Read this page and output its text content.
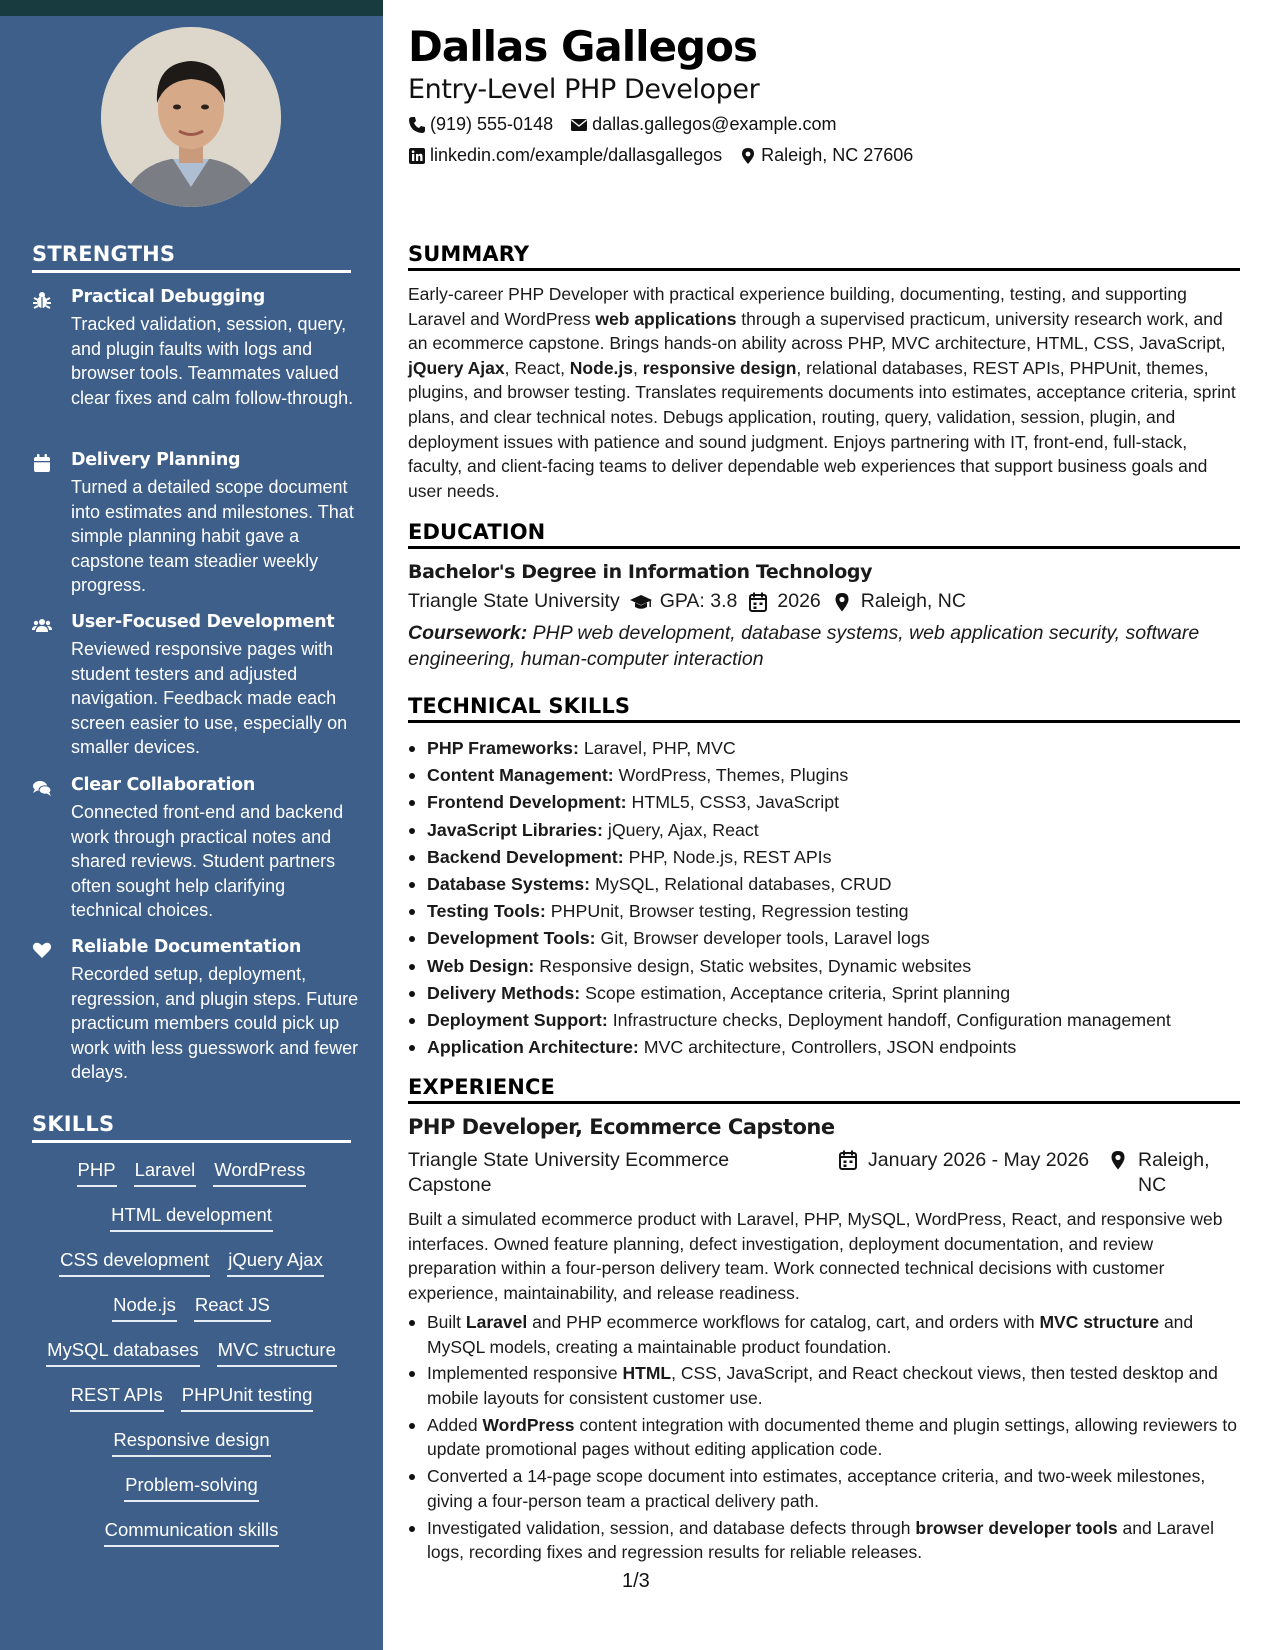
STRENGTHS
Practical Debugging
Tracked validation, session, query, and plugin faults with logs and browser tools. Teammates valued clear fixes and calm follow-through.
Delivery Planning
Turned a detailed scope document into estimates and milestones. That simple planning habit gave a capstone team steadier weekly progress.
User-Focused Development
Reviewed responsive pages with student testers and adjusted navigation. Feedback made each screen easier to use, especially on smaller devices.
Clear Collaboration
Connected front-end and backend work through practical notes and shared reviews. Student partners often sought help clarifying technical choices.
Reliable Documentation
Recorded setup, deployment, regression, and plugin steps. Future practicum members could pick up work with less guesswork and fewer delays.
SKILLS
PHP Laravel WordPress
HTML development
CSS development jQuery Ajax
Node.js React JS
MySQL databases MVC structure
REST APIs PHPUnit testing
Responsive design
Problem-solving
Communication skills
Dallas Gallegos
Entry-Level PHP Developer
(919) 555-0148 dallas.gallegos@example.com
linkedin.com/example/dallasgallegos Raleigh, NC 27606
SUMMARY
Early-career PHP Developer with practical experience building, documenting, testing, and supporting Laravel and WordPress web applications through a supervised practicum, university research work, and an ecommerce capstone. Brings hands-on ability across PHP, MVC architecture, HTML, CSS, JavaScript, jQuery Ajax, React, Node.js, responsive design, relational databases, REST APIs, PHPUnit, themes, plugins, and browser testing. Translates requirements documents into estimates, acceptance criteria, sprint plans, and clear technical notes. Debugs application, routing, query, validation, session, plugin, and deployment issues with patience and sound judgment. Enjoys partnering with IT, front-end, full-stack, faculty, and client-facing teams to deliver dependable web experiences that support business goals and user needs.
EDUCATION
Bachelor's Degree in Information Technology
Triangle State University GPA: 3.8 2026 Raleigh, NC
Coursework: PHP web development, database systems, web application security, software engineering, human-computer interaction
TECHNICAL SKILLS
PHP Frameworks: Laravel, PHP, MVC
Content Management: WordPress, Themes, Plugins
Frontend Development: HTML5, CSS3, JavaScript
JavaScript Libraries: jQuery, Ajax, React
Backend Development: PHP, Node.js, REST APIs
Database Systems: MySQL, Relational databases, CRUD
Testing Tools: PHPUnit, Browser testing, Regression testing
Development Tools: Git, Browser developer tools, Laravel logs
Web Design: Responsive design, Static websites, Dynamic websites
Delivery Methods: Scope estimation, Acceptance criteria, Sprint planning
Deployment Support: Infrastructure checks, Deployment handoff, Configuration management
Application Architecture: MVC architecture, Controllers, JSON endpoints
EXPERIENCE
PHP Developer, Ecommerce Capstone
Triangle State University Ecommerce Capstone
January 2026 - May 2026	Raleigh, NC
Built a simulated ecommerce product with Laravel, PHP, MySQL, WordPress, React, and responsive web interfaces. Owned feature planning, defect investigation, deployment documentation, and review preparation within a four-person delivery team. Work connected technical decisions with customer experience, maintainability, and release readiness.
Built Laravel and PHP ecommerce workflows for catalog, cart, and orders with MVC structure and MySQL models, creating a maintainable product foundation.
Implemented responsive HTML, CSS, JavaScript, and React checkout views, then tested desktop and mobile layouts for consistent customer use.
Added WordPress content integration with documented theme and plugin settings, allowing reviewers to update promotional pages without editing application code.
Converted a 14-page scope document into estimates, acceptance criteria, and two-week milestones, giving a four-person team a practical delivery path.
Investigated validation, session, and database defects through browser developer tools and Laravel logs, recording fixes and regression results for reliable releases.
1/3
